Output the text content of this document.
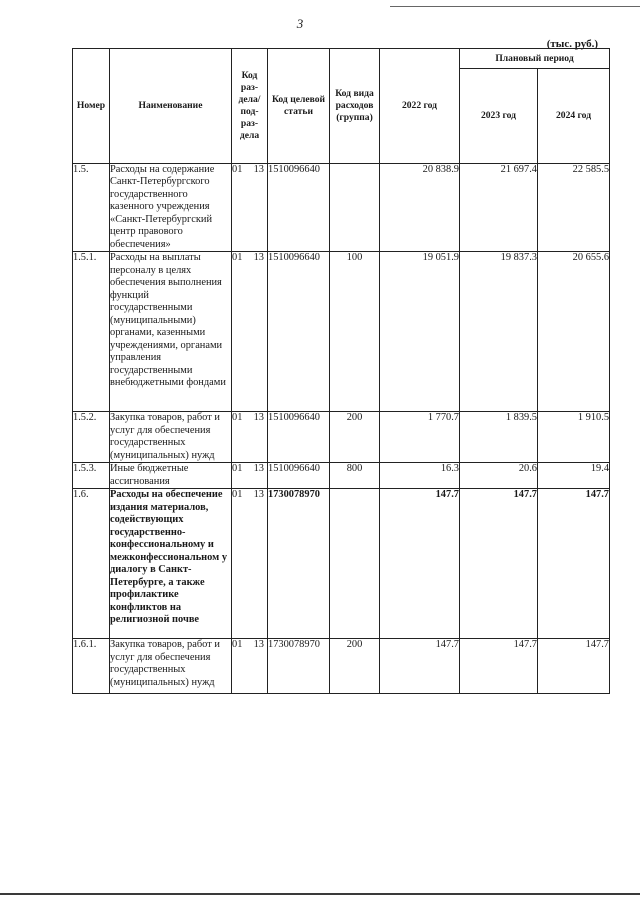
3
(тыс. руб.)
Номер	Наименование	Код раз-дела/ под-раз-дела	Код целевой статьи	Код вида расходов (группа)	2022 год	Плановый период	
						2023 год	2024 год
1.5.	Расходы на содержание Санкт-Петербургского государственного казенного учреждения «Санкт-Петербургский центр правового обеспечения»	01 13	1510096640		20 838.9	21 697.4	22 585.5
1.5.1.	Расходы на выплаты персоналу в целях обеспечения выполнения функций государственными (муниципальными) органами, казенными учреждениями, органами управления государственными внебюджетными фондами	01 13	1510096640	100	19 051.9	19 837.3	20 655.6
1.5.2.	Закупка товаров, работ и услуг для обеспечения государственных (муниципальных) нужд	01 13	1510096640	200	1 770.7	1 839.5	1 910.5
1.5.3.	Иные бюджетные ассигнования	01 13	1510096640	800	16.3	20.6	19.4
1.6.	Расходы на обеспечение издания материалов, содействующих государственно-конфессиональному и межконфессиональном у диалогу в Санкт-Петербурге, а также профилактике конфликтов на религиозной почве	01 13	1730078970		147.7	147.7	147.7
1.6.1.	Закупка товаров, работ и услуг для обеспечения государственных (муниципальных) нужд	01 13	1730078970	200	147.7	147.7	147.7
